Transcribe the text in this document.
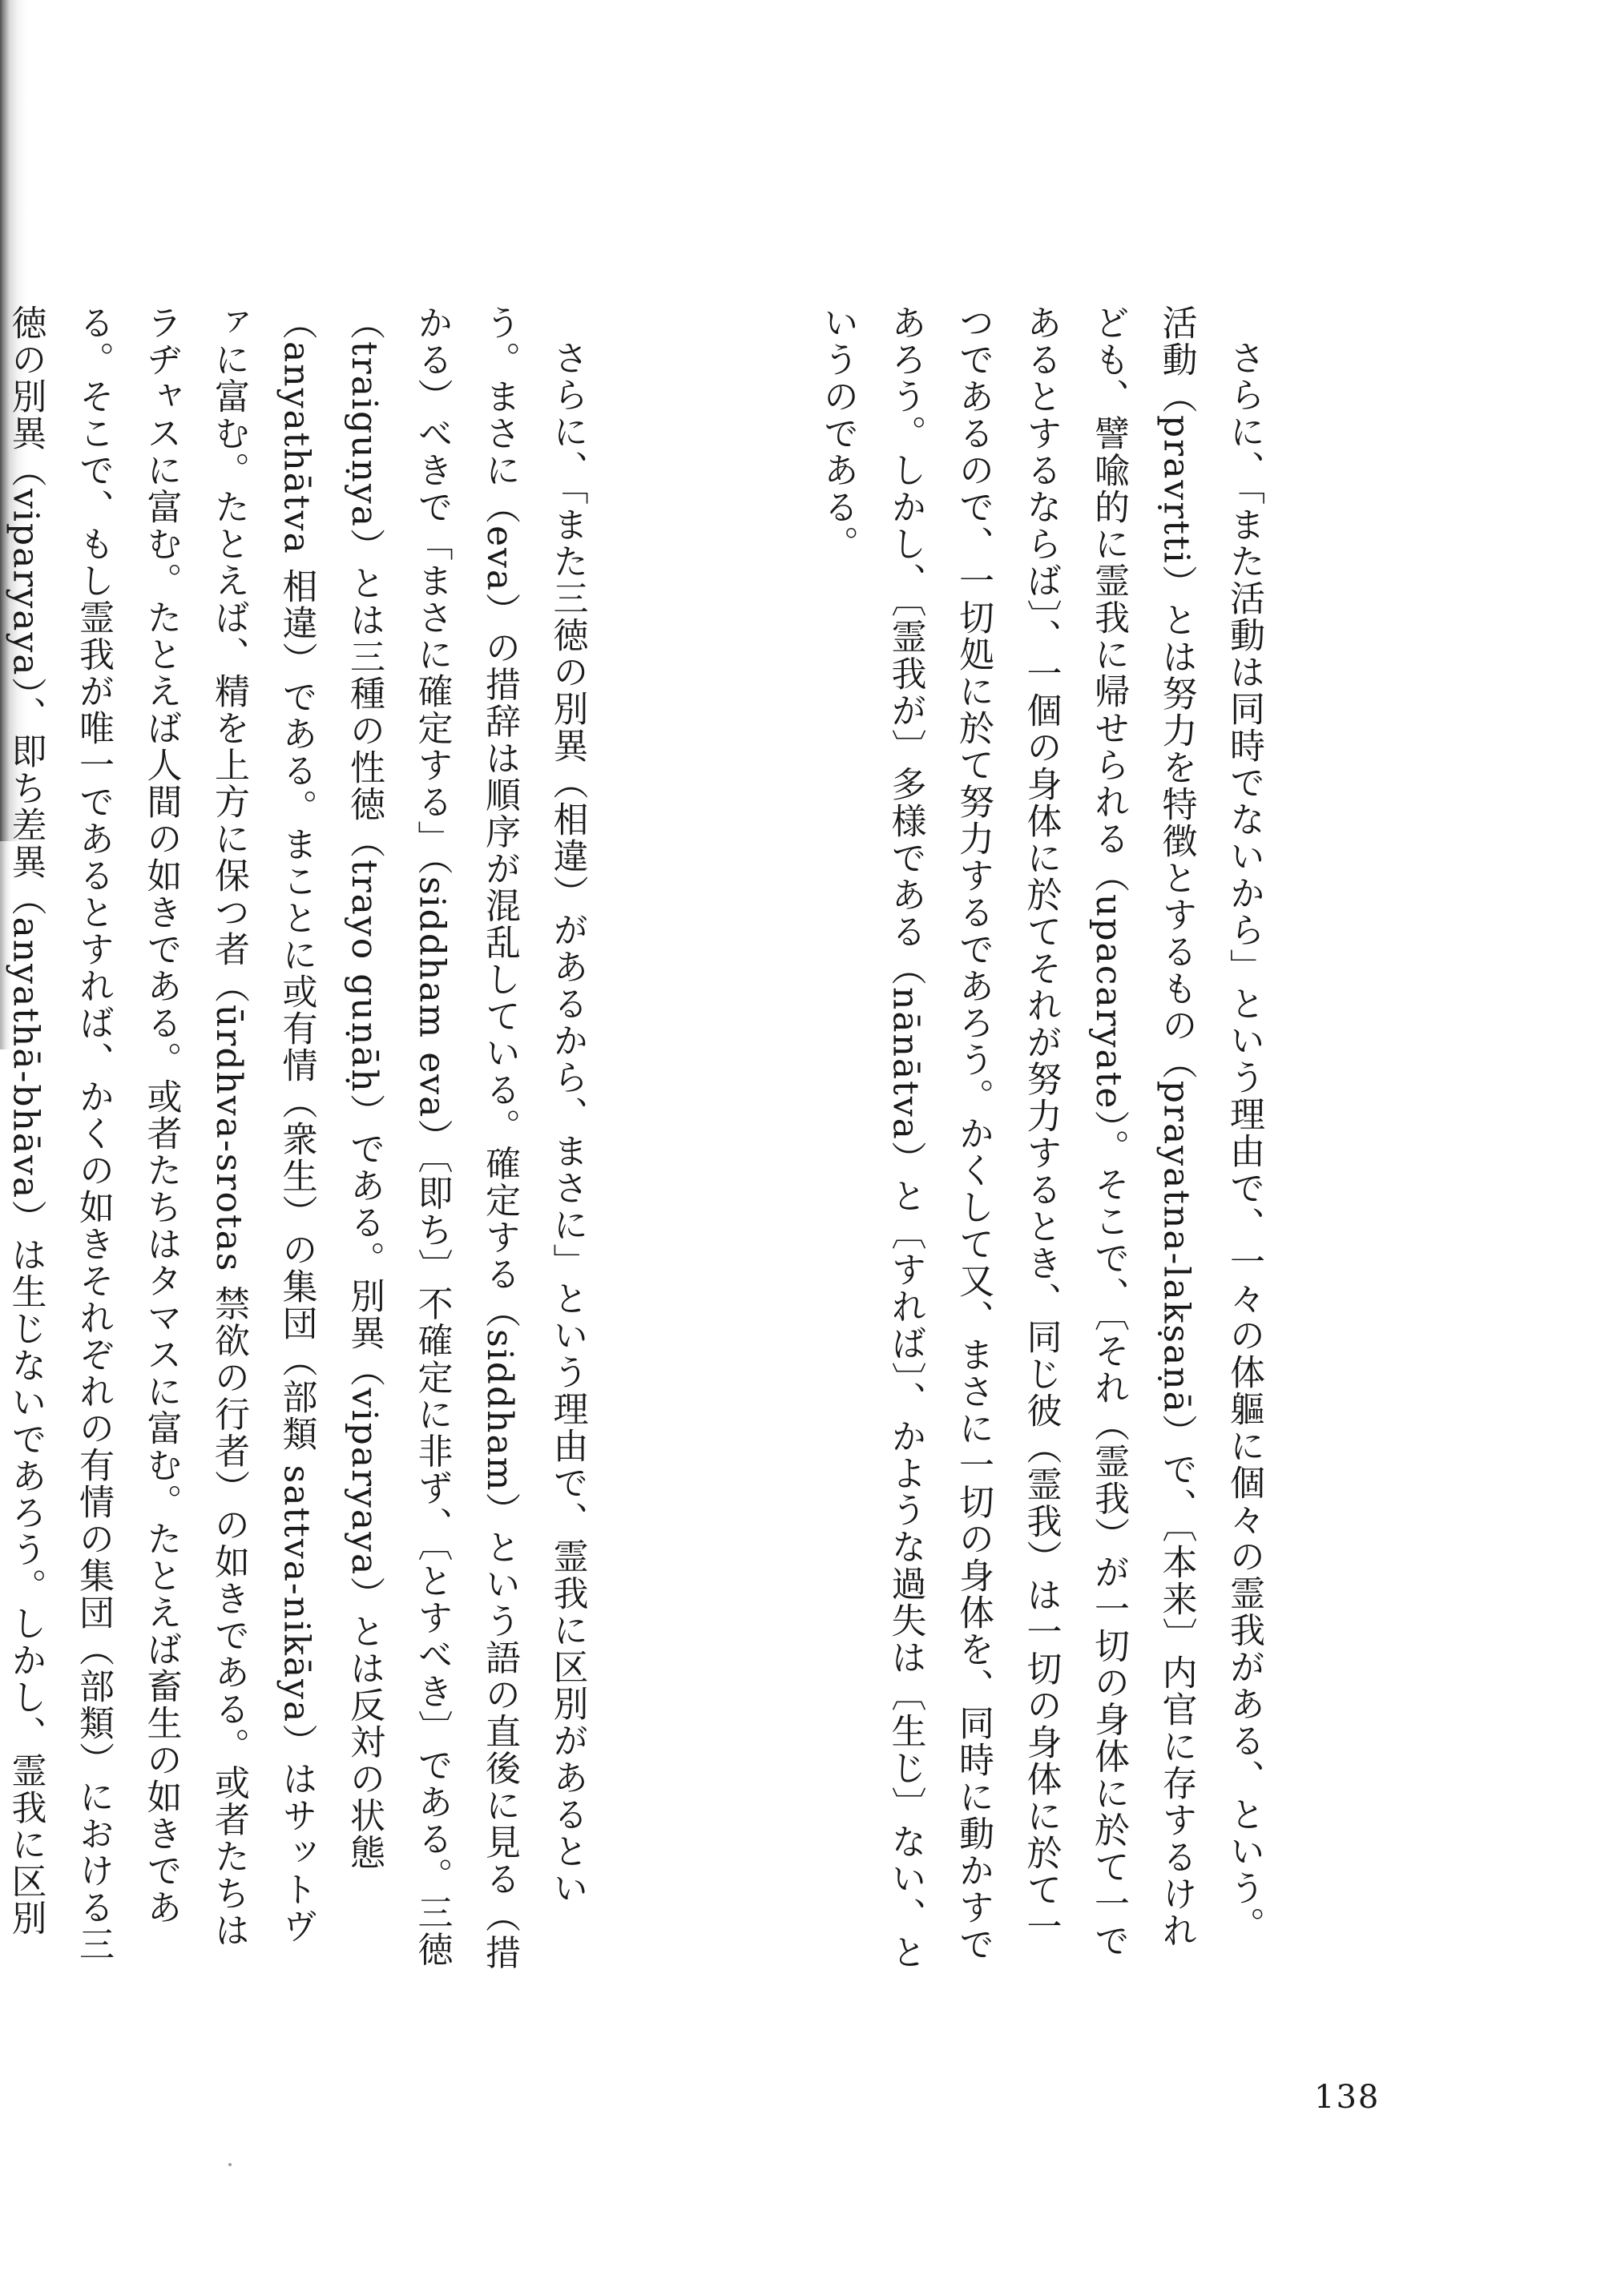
さらに、「また活動は同時でないから」という理由で、一々の体軀に個々の霊我がある、という。活動（pravṛtti）とは努力を特徴とするもの（prayatna-lakṣaṇā）で、〔本来〕内官に存するけれども、譬喩的に霊我に帰せられる（upacaryate）。そこで、〔それ（霊我）が一切の身体に於て一であるとするならば〕、一個の身体に於てそれが努力するとき、同じ彼（霊我）は一切の身体に於て一つであるので、一切処に於て努力するであろう。かくして又、まさに一切の身体を、同時に動かすであろう。しかし、〔霊我が〕多様である（nānātva）と〔すれば〕、かような過失は〔生じ〕ない、というのである。

さらに、「また三徳の別異（相違）があるから、まさに」という理由で、霊我に区別があるという。まさに（eva）の措辞は順序が混乱している。確定する（siddham）という語の直後に見る（措かる）べきで「まさに確定する」（siddham eva）〔即ち〕不確定に非ず、〔とすべき〕である。三徳（traiguṇya）とは三種の性徳（trayo guṇāḥ）である。別異（viparyaya）とは反対の状態（anyathātva 相違）である。まことに或有情（衆生）の集団（部類 sattva-nikāya）はサットヴァに富む。たとえば、精を上方に保つ者（ūrdhva-srotas 禁欲の行者）の如きである。或者たちはラヂャスに富む。たとえば人間の如きである。或者たちはタマスに富む。たとえば畜生の如きである。そこで、もし霊我が唯一であるとすれば、かくの如きそれぞれの有情の集団（部類）における三徳の別異（viparyaya）、即ち差異（anyathā-bhāva）は生じないであろう。しかし、霊我に区別

138
